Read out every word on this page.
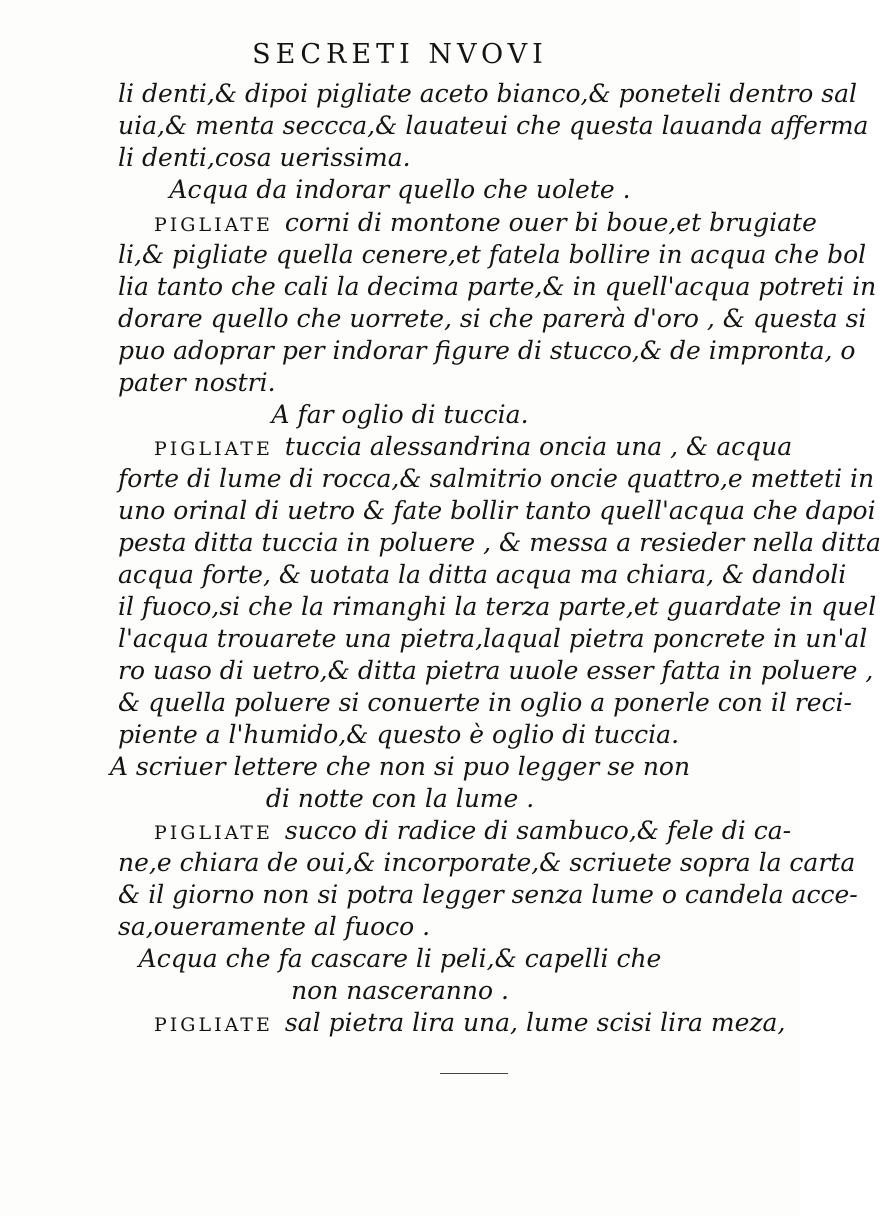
SECRETI NVOVI
li denti,& dipoi pigliate aceto bianco,& poneteli dentro sal
uia,& menta seccca,& lauateui che questa lauanda afferma
li denti,cosa uerissima.
Acqua da indorar quello che uolete .
PIGLIATE corni di montone ouer bi boue,et brugiate
li,& pigliate quella cenere,et fatela bollire in acqua che bol
lia tanto che cali la decima parte,& in quell'acqua potreti in
dorare quello che uorrete, si che parerà d'oro , & questa si
puo adoprar per indorar figure di stucco,& de impronta, o
pater nostri.
A far oglio di tuccia.
PIGLIATE tuccia alessandrina oncia una , & acqua
forte di lume di rocca,& salmitrio oncie quattro,e metteti in
uno orinal di uetro & fate bollir tanto quell'acqua che dapoi
pesta ditta tuccia in poluere , & messa a resieder nella ditta
acqua forte, & uotata la ditta acqua ma chiara, & dandoli
il fuoco,si che la rimanghi la terza parte,et guardate in quel
l'acqua trouarete una pietra,laqual pietra poncrete in un'al
ro uaso di uetro,& ditta pietra uuole esser fatta in poluere ,
& quella poluere si conuerte in oglio a ponerle con il reci-
piente a l'humido,& questo è oglio di tuccia.
A scriuer lettere che non si puo legger se non
di notte con la lume .
PIGLIATE succo di radice di sambuco,& fele di ca-
ne,e chiara de oui,& incorporate,& scriuete sopra la carta
& il giorno non si potra legger senza lume o candela acce-
sa,oueramente al fuoco .
Acqua che fa cascare li peli,& capelli che
non nasceranno .
PIGLIATE sal pietra lira una, lume scisi lira meza,
